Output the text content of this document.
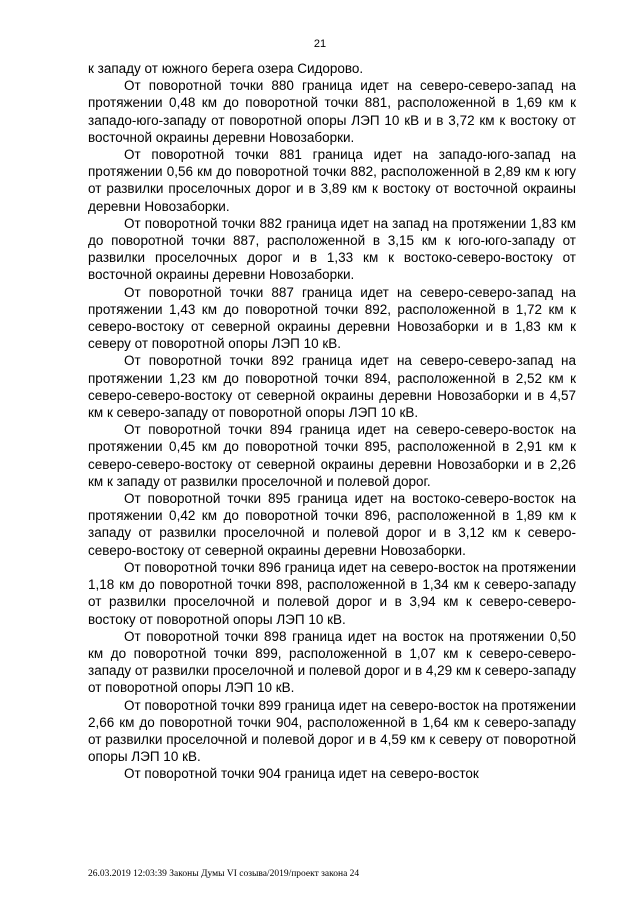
21

к западу от южного берега озера Сидорово.

От поворотной точки 880 граница идет на северо-северо-запад на протяжении 0,48 км до поворотной точки 881, расположенной в 1,69 км к западо-юго-западу от поворотной опоры ЛЭП 10 кВ и в 3,72 км к востоку от восточной окраины деревни Новозаборки.

От поворотной точки 881 граница идет на западо-юго-запад на протяжении 0,56 км до поворотной точки 882, расположенной в 2,89 км к югу от развилки проселочных дорог и в 3,89 км к востоку от восточной окраины деревни Новозаборки.

От поворотной точки 882 граница идет на запад на протяжении 1,83 км до поворотной точки 887, расположенной в 3,15 км к юго-юго-западу от развилки проселочных дорог и в 1,33 км к востоко-северо-востоку от восточной окраины деревни Новозаборки.

От поворотной точки 887 граница идет на северо-северо-запад на протяжении 1,43 км до поворотной точки 892, расположенной в 1,72 км к северо-востоку от северной окраины деревни Новозаборки и в 1,83 км к северу от поворотной опоры ЛЭП 10 кВ.

От поворотной точки 892 граница идет на северо-северо-запад на протяжении 1,23 км до поворотной точки 894, расположенной в 2,52 км к северо-северо-востоку от северной окраины деревни Новозаборки и в 4,57 км к северо-западу от поворотной опоры ЛЭП 10 кВ.

От поворотной точки 894 граница идет на северо-северо-восток на протяжении 0,45 км до поворотной точки 895, расположенной в 2,91 км к северо-северо-востоку от северной окраины деревни Новозаборки и в 2,26 км к западу от развилки проселочной и полевой дорог.

От поворотной точки 895 граница идет на востоко-северо-восток на протяжении 0,42 км до поворотной точки 896, расположенной в 1,89 км к западу от развилки проселочной и полевой дорог и в 3,12 км к северо-северо-востоку от северной окраины деревни Новозаборки.

От поворотной точки 896 граница идет на северо-восток на протяжении 1,18 км до поворотной точки 898, расположенной в 1,34 км к северо-западу от развилки проселочной и полевой дорог и в 3,94 км к северо-северо-востоку от поворотной опоры ЛЭП 10 кВ.

От поворотной точки 898 граница идет на восток на протяжении 0,50 км до поворотной точки 899, расположенной в 1,07 км к северо-северо-западу от развилки проселочной и полевой дорог и в 4,29 км к северо-западу от поворотной опоры ЛЭП 10 кВ.

От поворотной точки 899 граница идет на северо-восток на протяжении 2,66 км до поворотной точки 904, расположенной в 1,64 км к северо-западу от развилки проселочной и полевой дорог и в 4,59 км к северу от поворотной опоры ЛЭП 10 кВ.

От поворотной точки 904 граница идет на северо-восток

26.03.2019 12:03:39 Законы Думы VI созыва/2019/проект закона 24
